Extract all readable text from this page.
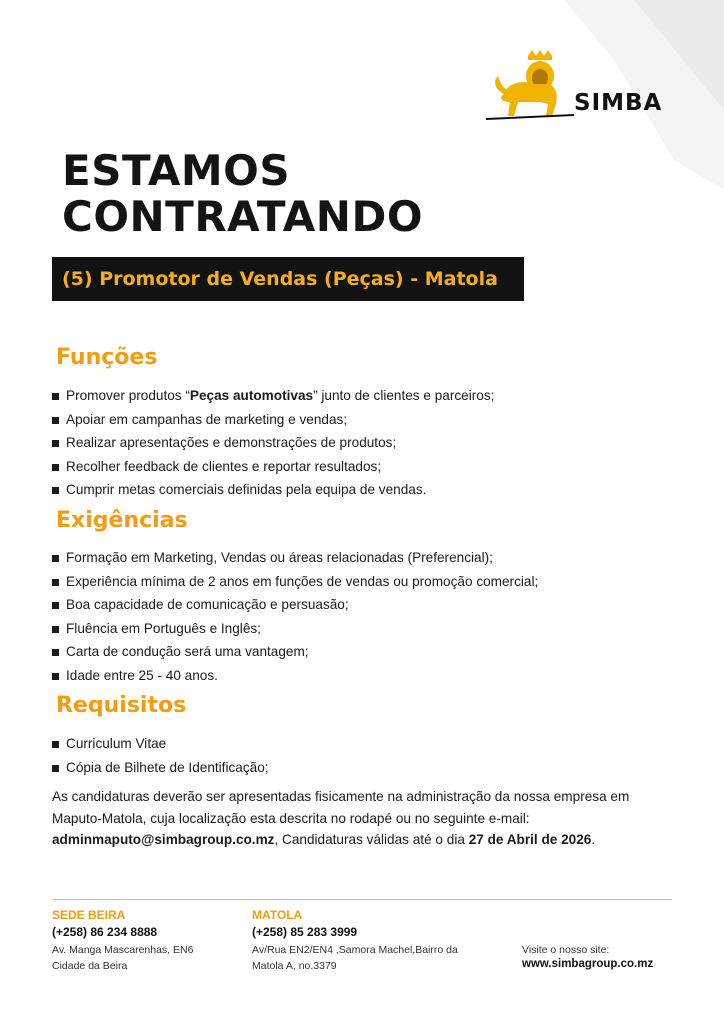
SIMBA
ESTAMOS
CONTRATANDO
(5) Promotor de Vendas (Peças) - Matola
Funções
Promover produtos “Peças automotivas” junto de clientes e parceiros;
Apoiar em campanhas de marketing e vendas;
Realizar apresentações e demonstrações de produtos;
Recolher feedback de clientes e reportar resultados;
Cumprir metas comerciais definidas pela equipa de vendas.
Exigências
Formação em Marketing, Vendas ou áreas relacionadas (Preferencial);
Experiência mínima de 2 anos em funções de vendas ou promoção comercial;
Boa capacidade de comunicação e persuasão;
Fluência em Português e Inglês;
Carta de condução será uma vantagem;
Idade entre 25 - 40 anos.
Requisitos
Curriculum Vitae
Cópia de Bilhete de Identificação;

As candidaturas deverão ser apresentadas fisicamente na administração da nossa empresa em Maputo-Matola, cuja localização esta descrita no rodapé ou no seguinte e-mail: adminmaputo@simbagroup.co.mz, Candidaturas válidas até o dia 27 de Abril de 2026.

SEDE BEIRA
(+258) 86 234 8888
Av. Manga Mascarenhas, EN6
Cidade da Beira
MATOLA
(+258) 85 283 3999
Av/Rua EN2/EN4 ,Samora Machel,Bairro da
Matola A, no.3379
Visite o nosso site:
www.simbagroup.co.mz
